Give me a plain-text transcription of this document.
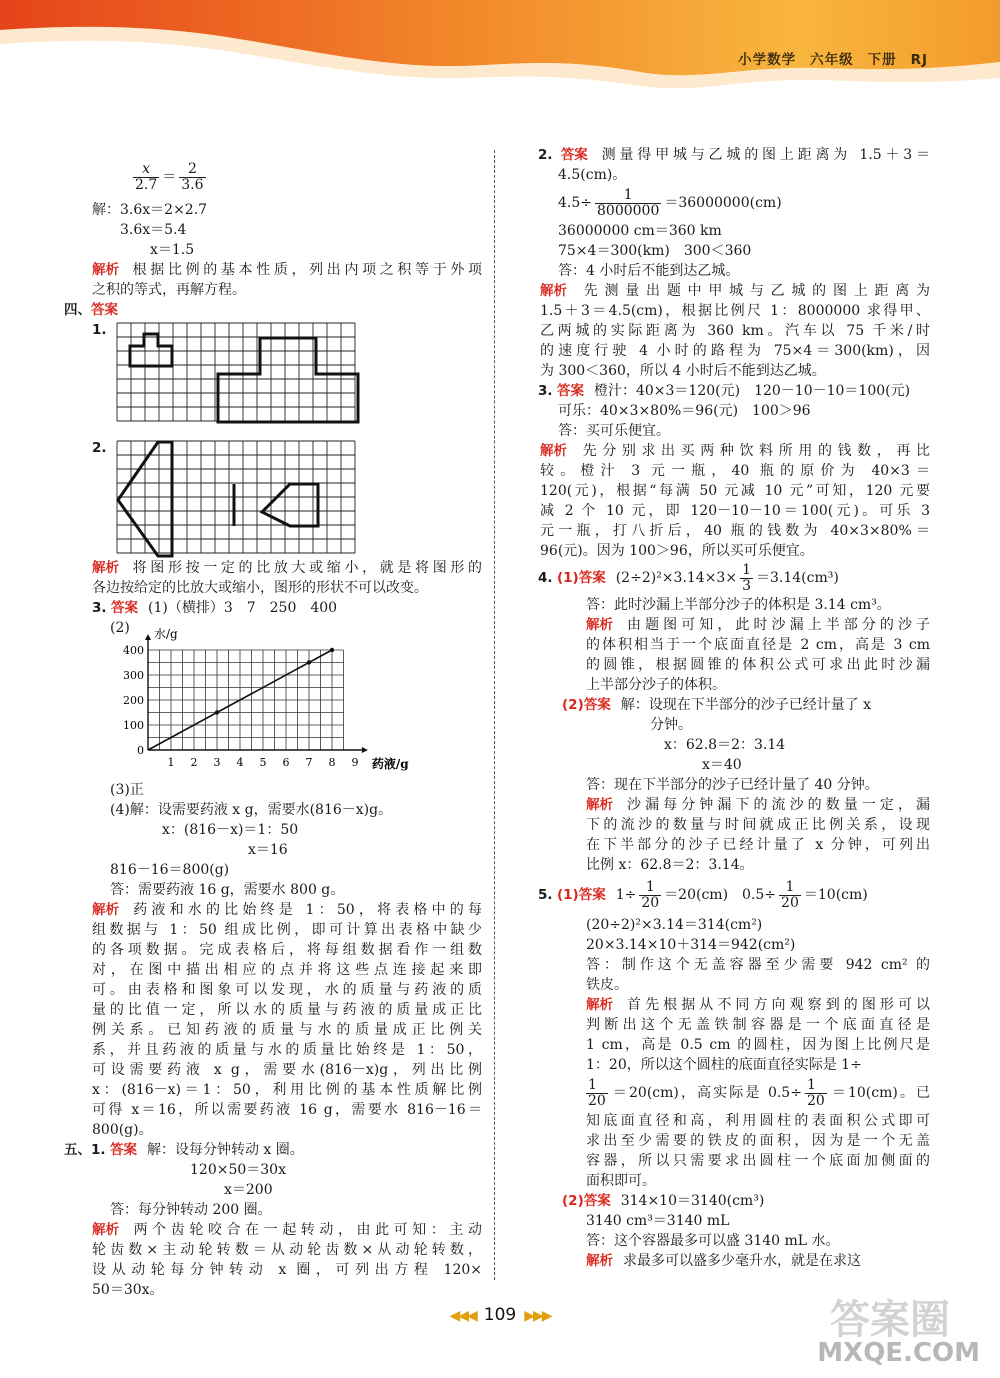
小学数学 六年级 下册 RJ
$\frac{x}{2.7} = \frac{2}{3.6}$
解：3.6x＝2×2.7
3.6x＝5.4
x＝1.5
解析 根据比例的基本性质，列出内项之积等于外项
之积的等式，再解方程。
四、答案
1.
2.
解析 将图形按一定的比放大或缩小，就是将图形的
各边按给定的比放大或缩小，图形的形状不可以改变。
3. 答案 (1)（横排）3　7　250　400
(2)
1 2 3 4 5 6 7 8 9
0
100
200
300
400
水/g
药液/g
(3)正
(4)解：设需要药液 x g，需要水(816－x)g。
x：(816－x)＝1：50
x＝16
816－16＝800(g)
答：需要药液 16 g，需要水 800 g。
解析 药液和水的比始终是 1：50，将表格中的每
组数据与 1：50 组成比例，即可计算出表格中缺少
的各项数据。完成表格后，将每组数据看作一组数
对，在图中描出相应的点并将这些点连接起来即
可。由表格和图象可以发现，水的质量与药液的质
量的比值一定，所以水的质量与药液的质量成正比
例关系。已知药液的质量与水的质量成正比例关
系，并且药液的质量与水的质量比始终是 1：50，
可设需要药液 x g，需要水(816－x)g，列出比例
x：(816－x)＝1：50，利用比例的基本性质解比例
可得 x＝16，所以需要药液 16 g，需要水 816－16＝
800(g)。
五、1. 答案 解：设每分钟转动 x 圈。
120×50＝30x
x＝200
答：每分钟转动 200 圈。
解析 两个齿轮咬合在一起转动，由此可知：主动
轮齿数×主动轮转数＝从动轮齿数×从动轮转数，
设从动轮每分钟转动 x 圈，可列出方程 120×
50＝30x。
2. 答案 测量得甲城与乙城的图上距离为 1.5＋3＝
4.5(cm)。
$4.5\div \frac{1}{8000000} =36000000(cm)$
36000000 cm＝360 km
75×4＝300(km)　300＜360
答：4 小时后不能到达乙城。
解析 先测量出题中甲城与乙城的图上距离为
1.5＋3＝4.5(cm)，根据比例尺 1：8000000 求得甲、
乙两城的实际距离为 360 km。汽车以 75 千米/时
的速度行驶 4 小时的路程为 75×4＝300(km)，因
为 300＜360，所以 4 小时后不能到达乙城。
3. 答案 橙汁：40×3＝120(元)　120－10－10＝100(元)
可乐：40×3×80%＝96(元)　100＞96
答：买可乐便宜。
解析 先分别求出买两种饮料所用的钱数，再比
较。橙汁 3 元一瓶，40 瓶的原价为 40×3＝
120(元)，根据“每满 50 元减 10 元”可知，120 元要
减 2 个 10 元，即 120－10－10＝100(元)。可乐 3
元一瓶，打八折后，40 瓶的钱数为 40×3×80%＝
96(元)。因为 100＞96，所以买可乐便宜。
4. (1)答案 $(2\div 2)^2\times 3.14\times 3\times \frac{1}{3} =3.14(cm^3)$
答：此时沙漏上半部分沙子的体积是 3.14 cm³。
解析 由题图可知，此时沙漏上半部分的沙子
的体积相当于一个底面直径是 2 cm，高是 3 cm
的圆锥，根据圆锥的体积公式可求出此时沙漏
上半部分沙子的体积。
(2)答案 解：设现在下半部分的沙子已经计量了 x
分钟。
x：62.8＝2：3.14
x＝40
答：现在下半部分的沙子已经计量了 40 分钟。
解析 沙漏每分钟漏下的流沙的数量一定，漏
下的流沙的数量与时间就成正比例关系，设现
在下半部分的沙子已经计量了 x 分钟，可列出
比例 x：62.8＝2：3.14。
5. (1)答案 $1\div \frac{1}{20} =20(cm)$　$0.5\div \frac{1}{20} =10(cm)$
(20÷2)²×3.14＝314(cm²)
20×3.14×10＋314＝942(cm²)
答：制作这个无盖容器至少需要 942 cm² 的
铁皮。
解析 首先根据从不同方向观察到的图形可以
判断出这个无盖铁制容器是一个底面直径是
1 cm，高是 0.5 cm 的圆柱，因为图上比例尺是
1：20，所以这个圆柱的底面直径实际是 1÷
$\frac{1}{20} =20(cm)$，高实际是 $0.5\div \frac{1}{20} =10(cm)$。已
知底面直径和高，利用圆柱的表面积公式即可
求出至少需要的铁皮的面积，因为是一个无盖
容器，所以只需要求出圆柱一个底面加侧面的
面积即可。
(2)答案 314×10＝3140(cm³)
3140 cm³＝3140 mL
答：这个容器最多可以盛 3140 mL 水。
解析 求最多可以盛多少毫升水，就是在求这
◀◀◀ 109 ▶▶▶	答案圈
MXQE.COM
